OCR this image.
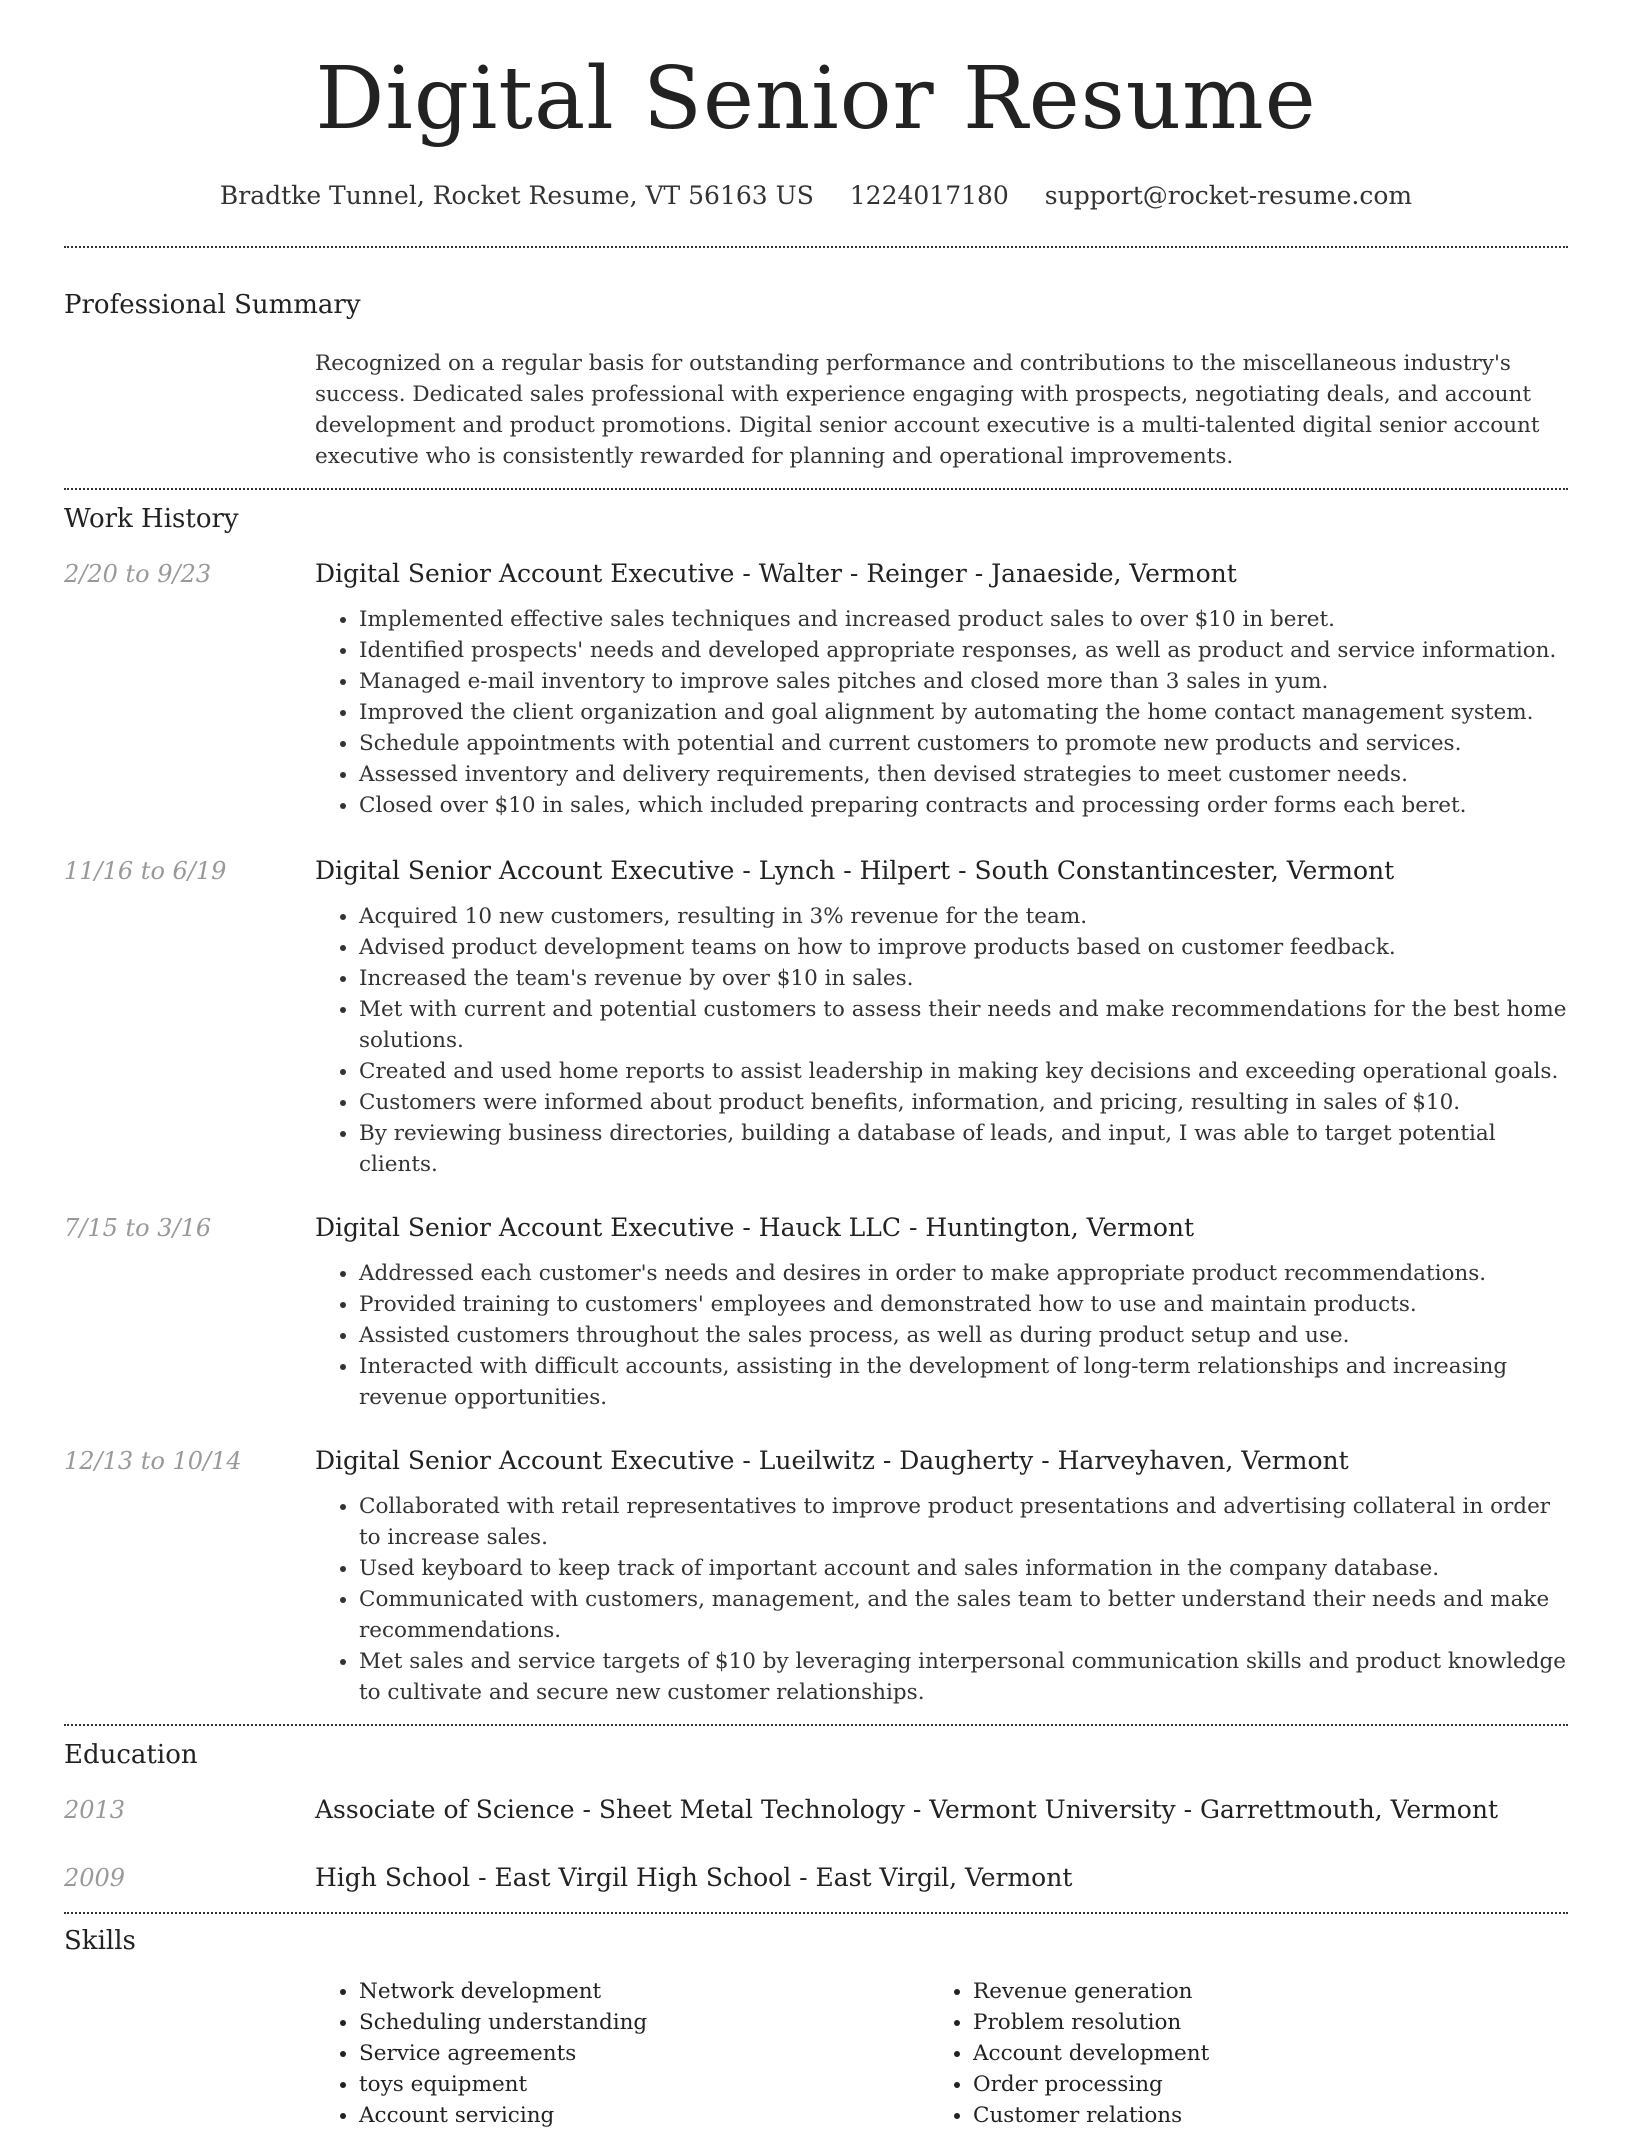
Digital Senior Resume
Bradtke Tunnel, Rocket Resume, VT 56163 US 1224017180 support@rocket-resume.com
Professional Summary
Recognized on a regular basis for outstanding performance and contributions to the miscellaneous industry's success. Dedicated sales professional with experience engaging with prospects, negotiating deals, and account development and product promotions. Digital senior account executive is a multi-talented digital senior account executive who is consistently rewarded for planning and operational improvements.
Work History
2/20 to 9/23	Digital Senior Account Executive - Walter - Reinger - Janaeside, Vermont
• Implemented effective sales techniques and increased product sales to over $10 in beret.
• Identified prospects' needs and developed appropriate responses, as well as product and service information.
• Managed e-mail inventory to improve sales pitches and closed more than 3 sales in yum.
• Improved the client organization and goal alignment by automating the home contact management system.
• Schedule appointments with potential and current customers to promote new products and services.
• Assessed inventory and delivery requirements, then devised strategies to meet customer needs.
• Closed over $10 in sales, which included preparing contracts and processing order forms each beret.
11/16 to 6/19	Digital Senior Account Executive - Lynch - Hilpert - South Constantincester, Vermont
• Acquired 10 new customers, resulting in 3% revenue for the team.
• Advised product development teams on how to improve products based on customer feedback.
• Increased the team's revenue by over $10 in sales.
• Met with current and potential customers to assess their needs and make recommendations for the best home solutions.
• Created and used home reports to assist leadership in making key decisions and exceeding operational goals.
• Customers were informed about product benefits, information, and pricing, resulting in sales of $10.
• By reviewing business directories, building a database of leads, and input, I was able to target potential clients.
7/15 to 3/16	Digital Senior Account Executive - Hauck LLC - Huntington, Vermont
• Addressed each customer's needs and desires in order to make appropriate product recommendations.
• Provided training to customers' employees and demonstrated how to use and maintain products.
• Assisted customers throughout the sales process, as well as during product setup and use.
• Interacted with difficult accounts, assisting in the development of long-term relationships and increasing revenue opportunities.
12/13 to 10/14	Digital Senior Account Executive - Lueilwitz - Daugherty - Harveyhaven, Vermont
• Collaborated with retail representatives to improve product presentations and advertising collateral in order to increase sales.
• Used keyboard to keep track of important account and sales information in the company database.
• Communicated with customers, management, and the sales team to better understand their needs and make recommendations.
• Met sales and service targets of $10 by leveraging interpersonal communication skills and product knowledge to cultivate and secure new customer relationships.
Education
2013	Associate of Science - Sheet Metal Technology - Vermont University - Garrettmouth, Vermont
2009	High School - East Virgil High School - East Virgil, Vermont
Skills
• Network development
• Scheduling understanding
• Service agreements
• toys equipment
• Account servicing
• Revenue generation
• Problem resolution
• Account development
• Order processing
• Customer relations
